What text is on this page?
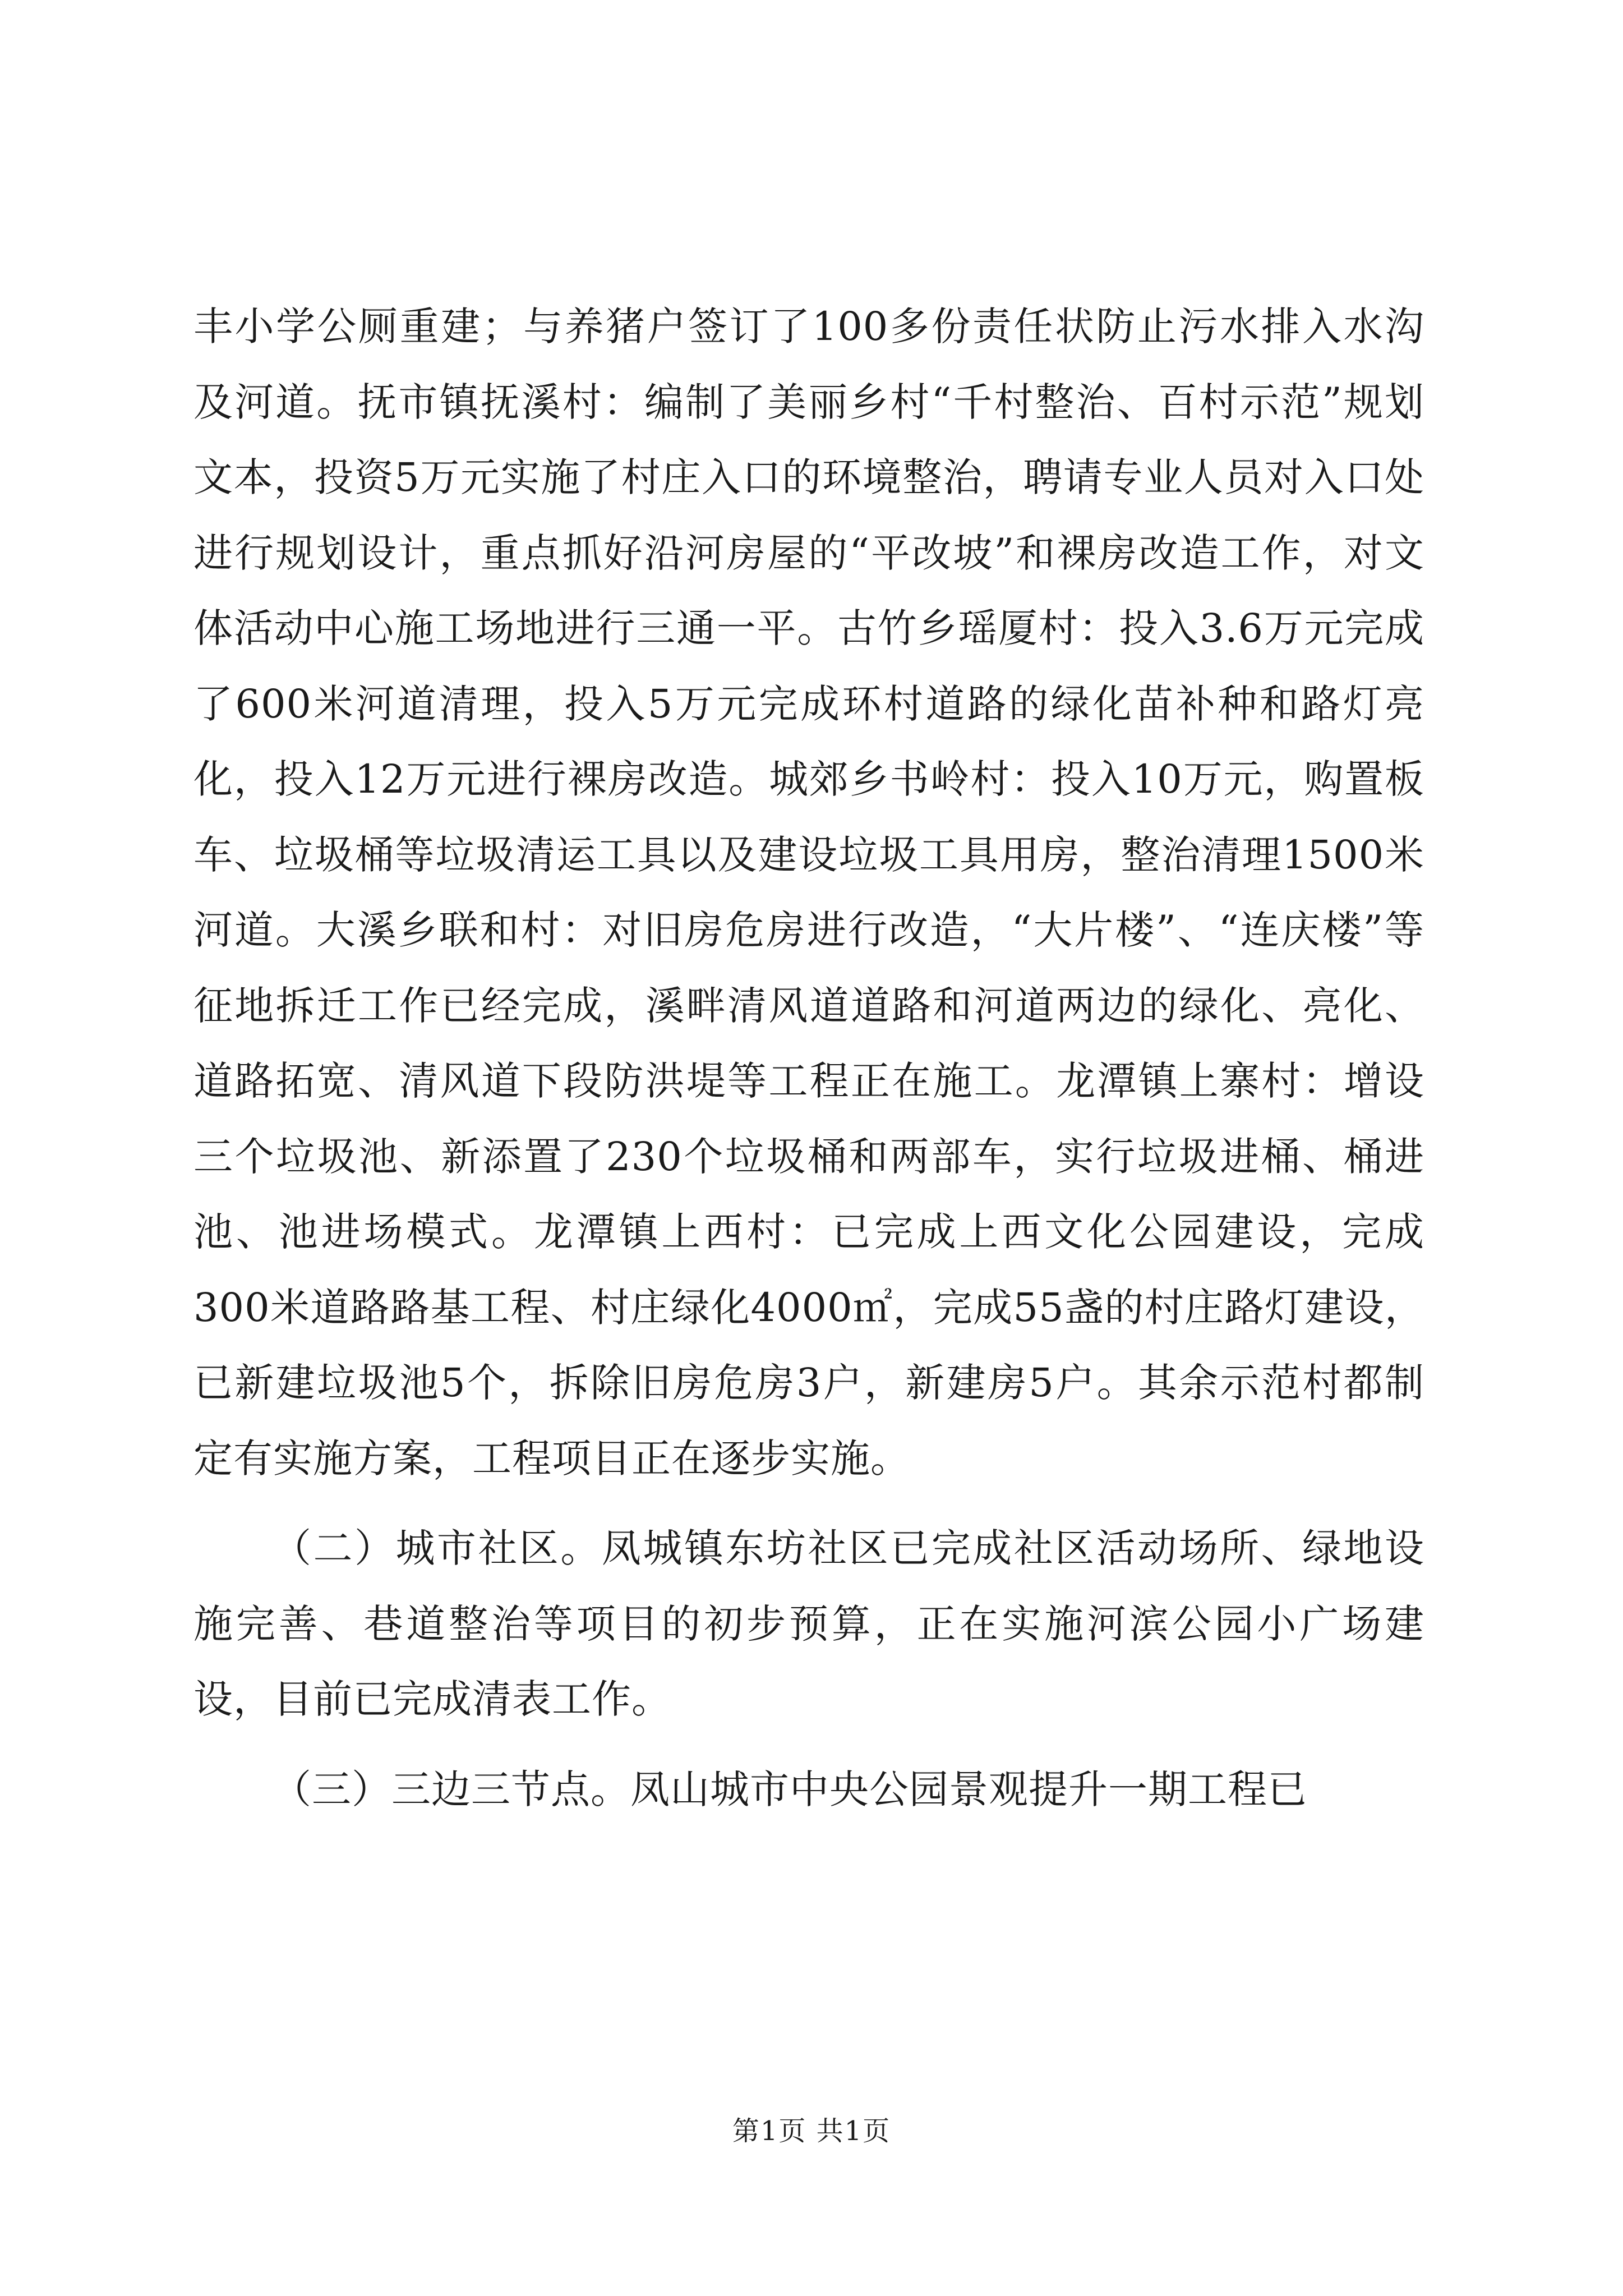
丰小学公厕重建；与养猪户签订了100多份责任状防止污水排入水沟及河道。抚市镇抚溪村：编制了美丽乡村“千村整治、百村示范”规划文本，投资5万元实施了村庄入口的环境整治，聘请专业人员对入口处进行规划设计，重点抓好沿河房屋的“平改坡”和裸房改造工作，对文体活动中心施工场地进行三通一平。古竹乡瑶厦村：投入3.6万元完成了600米河道清理，投入5万元完成环村道路的绿化苗补种和路灯亮化，投入12万元进行裸房改造。城郊乡书岭村：投入10万元，购置板车、垃圾桶等垃圾清运工具以及建设垃圾工具用房，整治清理1500米河道。大溪乡联和村：对旧房危房进行改造，“大片楼”、“连庆楼”等征地拆迁工作已经完成，溪畔清风道道路和河道两边的绿化、亮化、道路拓宽、清风道下段防洪堤等工程正在施工。龙潭镇上寨村：增设三个垃圾池、新添置了230个垃圾桶和两部车，实行垃圾进桶、桶进池、池进场模式。龙潭镇上西村：已完成上西文化公园建设，完成300米道路路基工程、村庄绿化4000㎡，完成55盏的村庄路灯建设，已新建垃圾池5个，拆除旧房危房3户，新建房5户。其余示范村都制定有实施方案，工程项目正在逐步实施。

（二）城市社区。凤城镇东坊社区已完成社区活动场所、绿地设施完善、巷道整治等项目的初步预算，正在实施河滨公园小广场建设，目前已完成清表工作。

（三）三边三节点。凤山城市中央公园景观提升一期工程已

第1页 共1页
